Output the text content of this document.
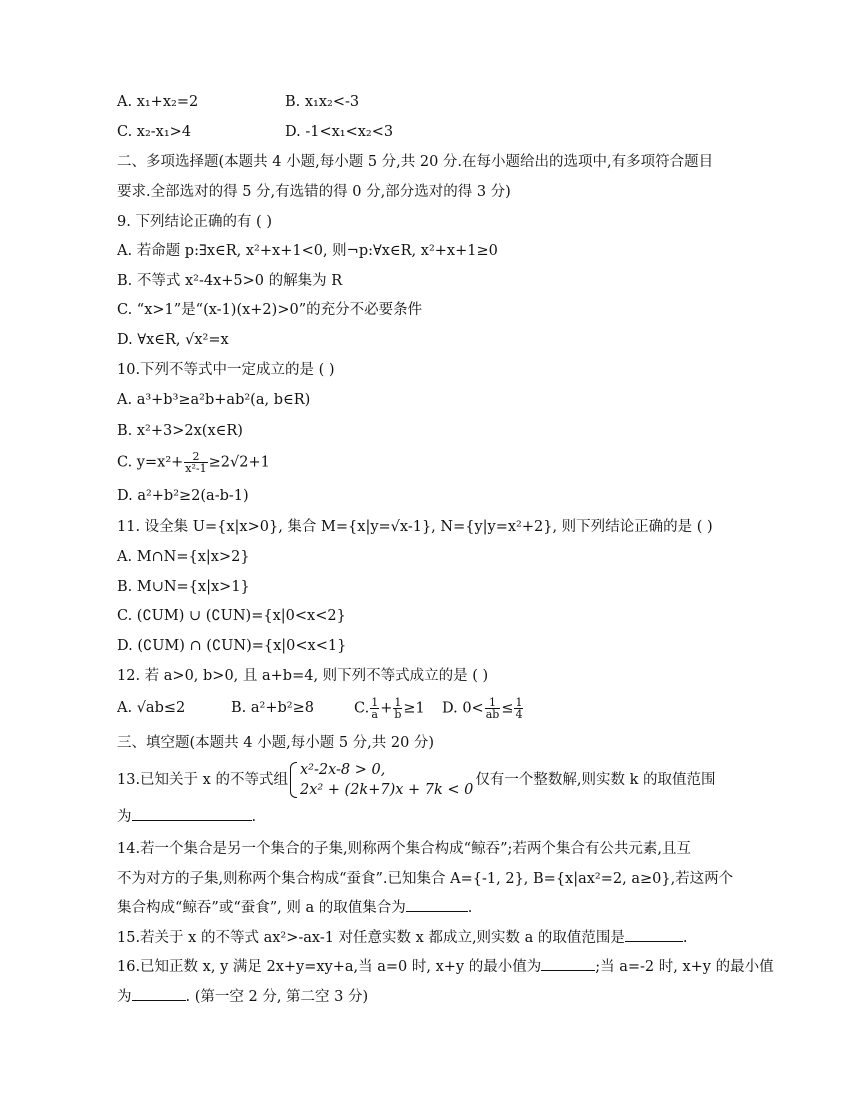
A. x₁+x₂=2	B. x₁x₂<-3
C. x₂-x₁>4	D. -1<x₁<x₂<3
二、多项选择题(本题共 4 小题,每小题 5 分,共 20 分.在每小题给出的选项中,有多项符合题目
要求.全部选对的得 5 分,有选错的得 0 分,部分选对的得 3 分)
9. 下列结论正确的有 ( )
A. 若命题 p:∃x∈R, x²+x+1<0, 则¬p:∀x∈R, x²+x+1≥0
B. 不等式 x²-4x+5>0 的解集为 R
C. “x>1”是“(x-1)(x+2)>0”的充分不必要条件
D. ∀x∈R, √x²=x
10.下列不等式中一定成立的是 ( )
A. a³+b³≥a²b+ab²(a, b∈R)
B. x²+3>2x(x∈R)
C. $y=x^2+ \frac{2}{\text{x²-1}} \ge 2√2+1$
D. a²+b²≥2(a-b-1)
11. 设全集 U={x|x>0}, 集合 M={x|y=√x-1}, N={y|y=x²+2}, 则下列结论正确的是 ( )
A. M∩N={x|x>2}
B. M∪N={x|x>1}
C. (∁UM) ∪ (∁UN)={x|0<x<2}
D. (∁UM) ∩ (∁UN)={x|0<x<1}
12. 若 a>0, b>0, 且 a+b=4, 则下列不等式成立的是 ( )
A. √ab≤2	B. a²+b²≥8	C. $\frac{1}{a} + \frac{1}{b} \ge 1$ D. $0< \frac{1}{ab} \le \frac{1}{4}$
三、填空题(本题共 4 小题,每小题 5 分,共 20 分)
13.已知关于 x 的不等式组
x²-2x-8 > 0,
2x² + (2k+7)x + 7k < 0
仅有一个整数解,则实数 k 的取值范围
为	.
14.若一个集合是另一个集合的子集,则称两个集合构成“鲸吞”;若两个集合有公共元素,且互
不为对方的子集,则称两个集合构成“蚕食”.已知集合 A={-1, 2}, B={x|ax²=2, a≥0},若这两个
集合构成“鲸吞”或“蚕食”, 则 a 的取值集合为	.
15.若关于 x 的不等式 ax²>-ax-1 对任意实数 x 都成立,则实数 a 的取值范围是	.
16.已知正数 x, y 满足 2x+y=xy+a,当 a=0 时, x+y 的最小值为	;当 a=-2 时, x+y 的最小值
为	. (第一空 2 分, 第二空 3 分)
